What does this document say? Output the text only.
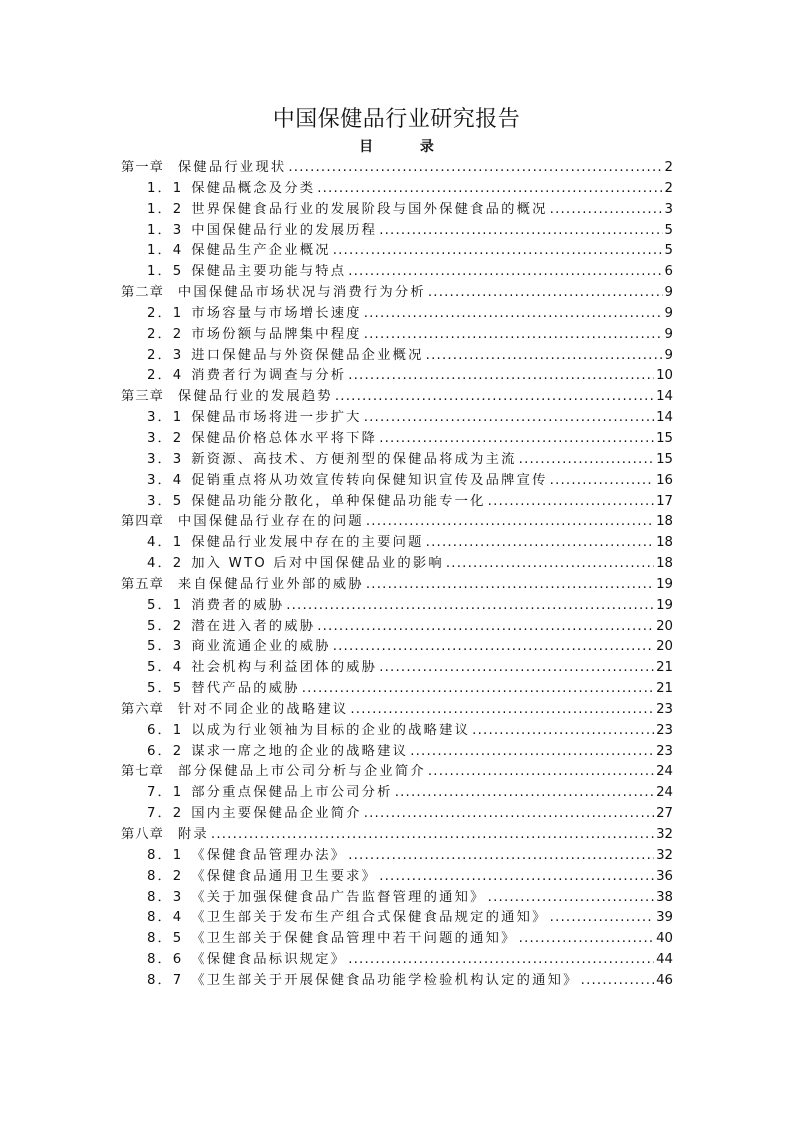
中国保健品行业研究报告
目 录
第一章 保健品行业现状 .....	2
1．1 保健品概念及分类 .....	2
1．2 世界保健食品行业的发展阶段与国外保健食品的概况 .....	3
1．3 中国保健品行业的发展历程 .....	5
1．4 保健品生产企业概况 .....	5
1．5 保健品主要功能与特点 .....	6
第二章 中国保健品市场状况与消费行为分析 .....	9
2．1 市场容量与市场增长速度 .....	9
2．2 市场份额与品牌集中程度 .....	9
2．3 进口保健品与外资保健品企业概况 .....	9
2．4 消费者行为调查与分析 .....	10
第三章 保健品行业的发展趋势 .....	14
3．1 保健品市场将进一步扩大 .....	14
3．2 保健品价格总体水平将下降 .....	15
3．3 新资源、高技术、方便剂型的保健品将成为主流 .....	15
3．4 促销重点将从功效宣传转向保健知识宣传及品牌宣传 .....	16
3．5 保健品功能分散化，单种保健品功能专一化 .....	17
第四章 中国保健品行业存在的问题 .....	18
4．1 保健品行业发展中存在的主要问题 .....	18
4．2 加入 WTO 后对中国保健品业的影响 .....	18
第五章 来自保健品行业外部的威胁 .....	19
5．1 消费者的威胁 .....	19
5．2 潜在进入者的威胁 .....	20
5．3 商业流通企业的威胁 .....	20
5．4 社会机构与利益团体的威胁 .....	21
5．5 替代产品的威胁 .....	21
第六章 针对不同企业的战略建议 .....	23
6．1 以成为行业领袖为目标的企业的战略建议 .....	23
6．2 谋求一席之地的企业的战略建议 .....	23
第七章 部分保健品上市公司分析与企业简介 .....	24
7．1 部分重点保健品上市公司分析 .....	24
7．2 国内主要保健品企业简介 .....	27
第八章 附录 .....	32
8．1 《保健食品管理办法》 .....	32
8．2 《保健食品通用卫生要求》 .....	36
8．3 《关于加强保健食品广告监督管理的通知》 .....	38
8．4 《卫生部关于发布生产组合式保健食品规定的通知》 .....	39
8．5 《卫生部关于保健食品管理中若干问题的通知》 .....	40
8．6 《保健食品标识规定》 .....	44
8．7 《卫生部关于开展保健食品功能学检验机构认定的通知》 .....	46
